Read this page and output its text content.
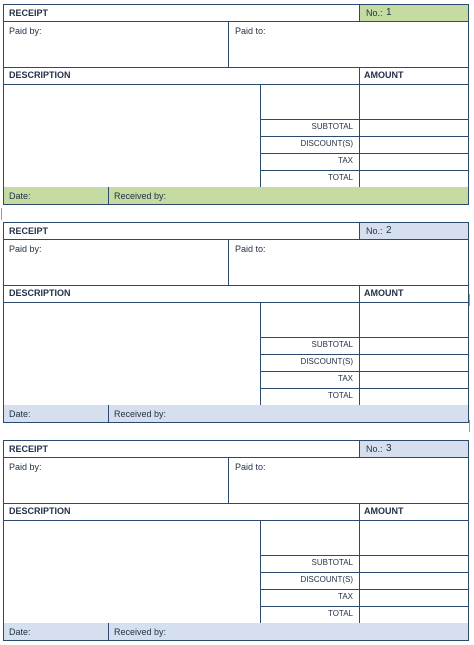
RECEIPT	No.: 1
Paid by:	Paid to:
DESCRIPTION	AMOUNT
SUBTOTAL
DISCOUNT(S)
TAX
TOTAL
Date:	Received by:
RECEIPT	No.: 2
Paid by:	Paid to:
DESCRIPTION	AMOUNT
SUBTOTAL
DISCOUNT(S)
TAX
TOTAL
Date:	Received by:
RECEIPT	No.: 3
Paid by:	Paid to:
DESCRIPTION	AMOUNT
SUBTOTAL
DISCOUNT(S)
TAX
TOTAL
Date:	Received by:
